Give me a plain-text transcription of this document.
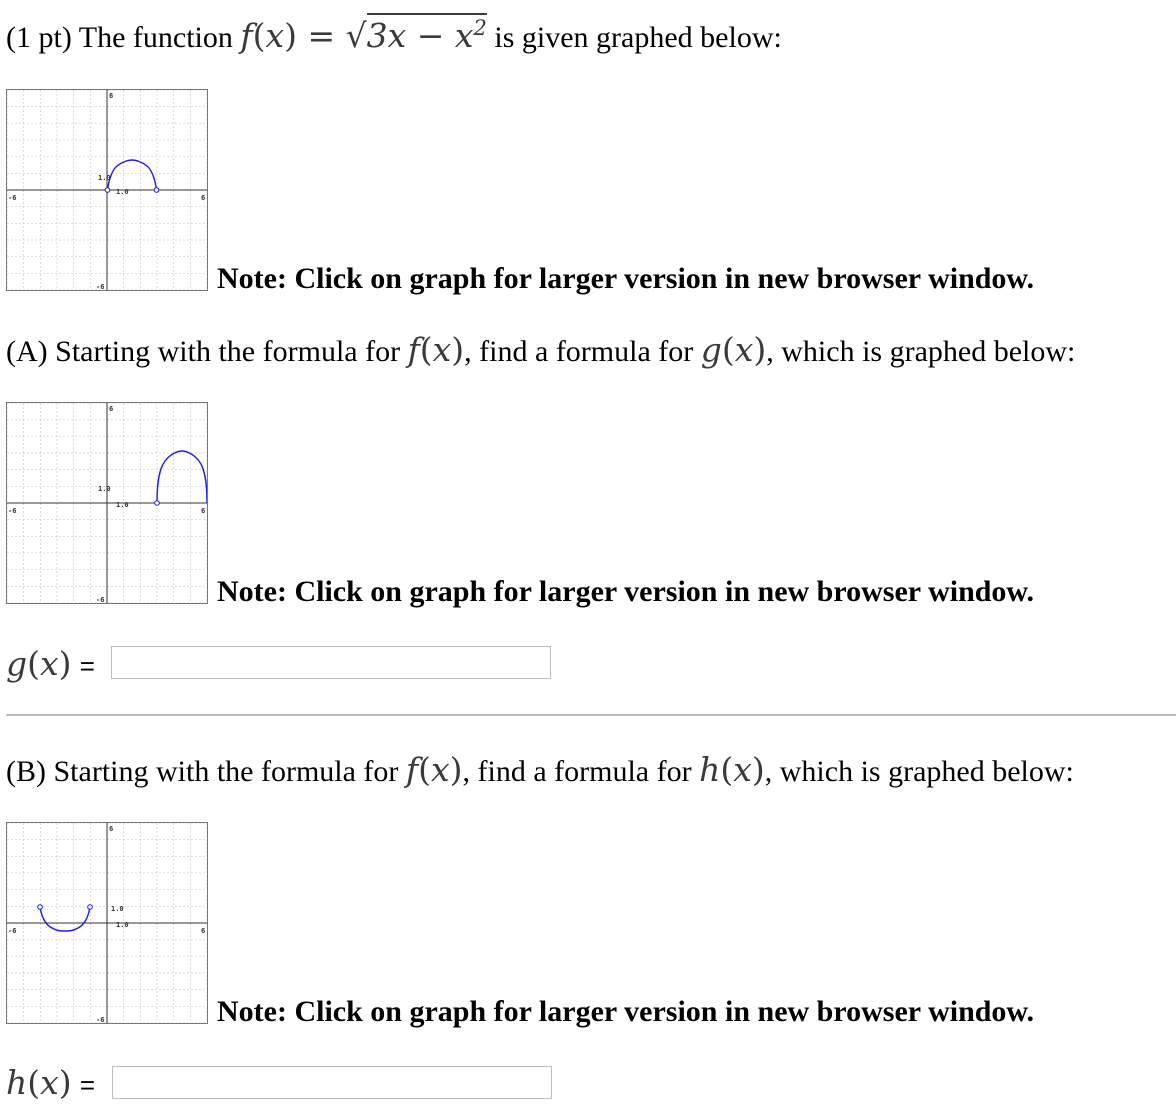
(1 pt) The function $f(x) = √3x - x^2$ is given graphed below:
-6	6
6
-6
1.0
1.0
Note: Click on graph for larger version in new browser window.
(A) Starting with the formula for f(x), find a formula for g(x), which is graphed below:
-6	6
6
-6
1.0
1.0
Note: Click on graph for larger version in new browser window.
g(x) =
(B) Starting with the formula for f(x), find a formula for h(x), which is graphed below:
-6	6
6
-6
1.0
1.0
Note: Click on graph for larger version in new browser window.
h(x) =
